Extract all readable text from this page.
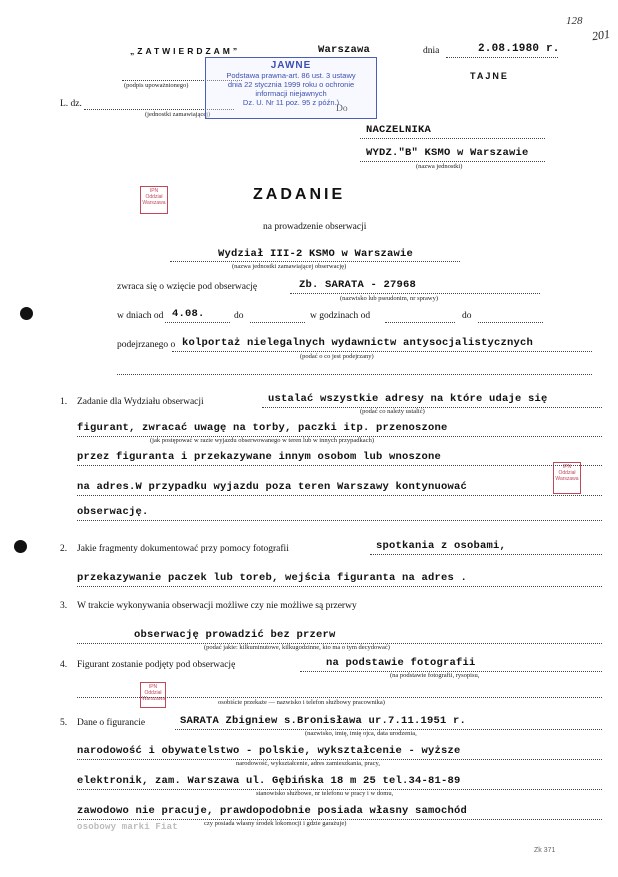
128
201
„ZATWIERDZAM”
(podpis upoważnionego)
Warszawa	dnia	2.08.1980 r.
TAJNE
L. dz.
(jednostki zamawiającej)
Do
NACZELNIKA
WYDZ."B" KSMO w Warszawie
(nazwa jednostki)
JAWNE
Podstawa prawna-art. 86 ust. 3 ustawy
dnia 22 stycznia 1999 roku o ochronie
informacji niejawnych
Dz. U. Nr 11 poz. 95 z późn.)
IPN Oddział Warszawa
IPN Oddział Warszawa
IPN Oddział Warszawa
ZADANIE
na prowadzenie obserwacji
Wydział III-2 KSMO w Warszawie
(nazwa jednostki zamawiającej obserwację)
zwraca się o wzięcie pod obserwację	Zb. SARATA - 27968
(nazwisko lub pseudonim, nr sprawy)
w dniach od 4.08.	do	w godzinach od	do
podejrzanego o kolportaż nielegalnych wydawnictw antysocjalistycznych
(podać o co jest podejrzany)
1. Zadanie dla Wydziału obserwacji	ustalać wszystkie adresy na które udaje się
(podać co należy ustalić)
figurant, zwracać uwagę na torby, paczki itp. przenoszone
(jak postępować w razie wyjazdu obserwowanego w teren lub w innych przypadkach)
przez figuranta i przekazywane innym osobom lub wnoszone
na adres.W przypadku wyjazdu poza teren Warszawy kontynuować
obserwację.
2. Jakie fragmenty dokumentować przy pomocy fotografii	spotkania z osobami,
przekazywanie paczek lub toreb, wejścia figuranta na adres .
3. W trakcie wykonywania obserwacji możliwe czy nie możliwe są przerwy
obserwację prowadzić bez przerw
(podać jakie: kilkuminutowe, kilkugodzinne, kto ma o tym decydować)
4. Figurant zostanie podjęty pod obserwację	na podstawie fotografii
(na podstawie fotografii, rysopisu,
osobiście przekaże — nazwisko i telefon służbowy pracownika)
5. Dane o figurancie	SARATA Zbigniew s.Bronisława ur.7.11.1951 r.
(nazwisko, imię, imię ojca, data urodzenia,
narodowość i obywatelstwo - polskie, wykształcenie - wyższe
narodowość, wykształcenie, adres zamieszkania, pracy,
elektronik, zam. Warszawa ul. Gębińska 18 m 25 tel.34-81-89
stanowisko służbowe, nr telefonu w pracy i w domu,
zawodowo nie pracuje, prawdopodobnie posiada własny samochód
czy posiada własny środek lokomocji i gdzie garażuje)
osobowy marki Fiat
Zk 371
